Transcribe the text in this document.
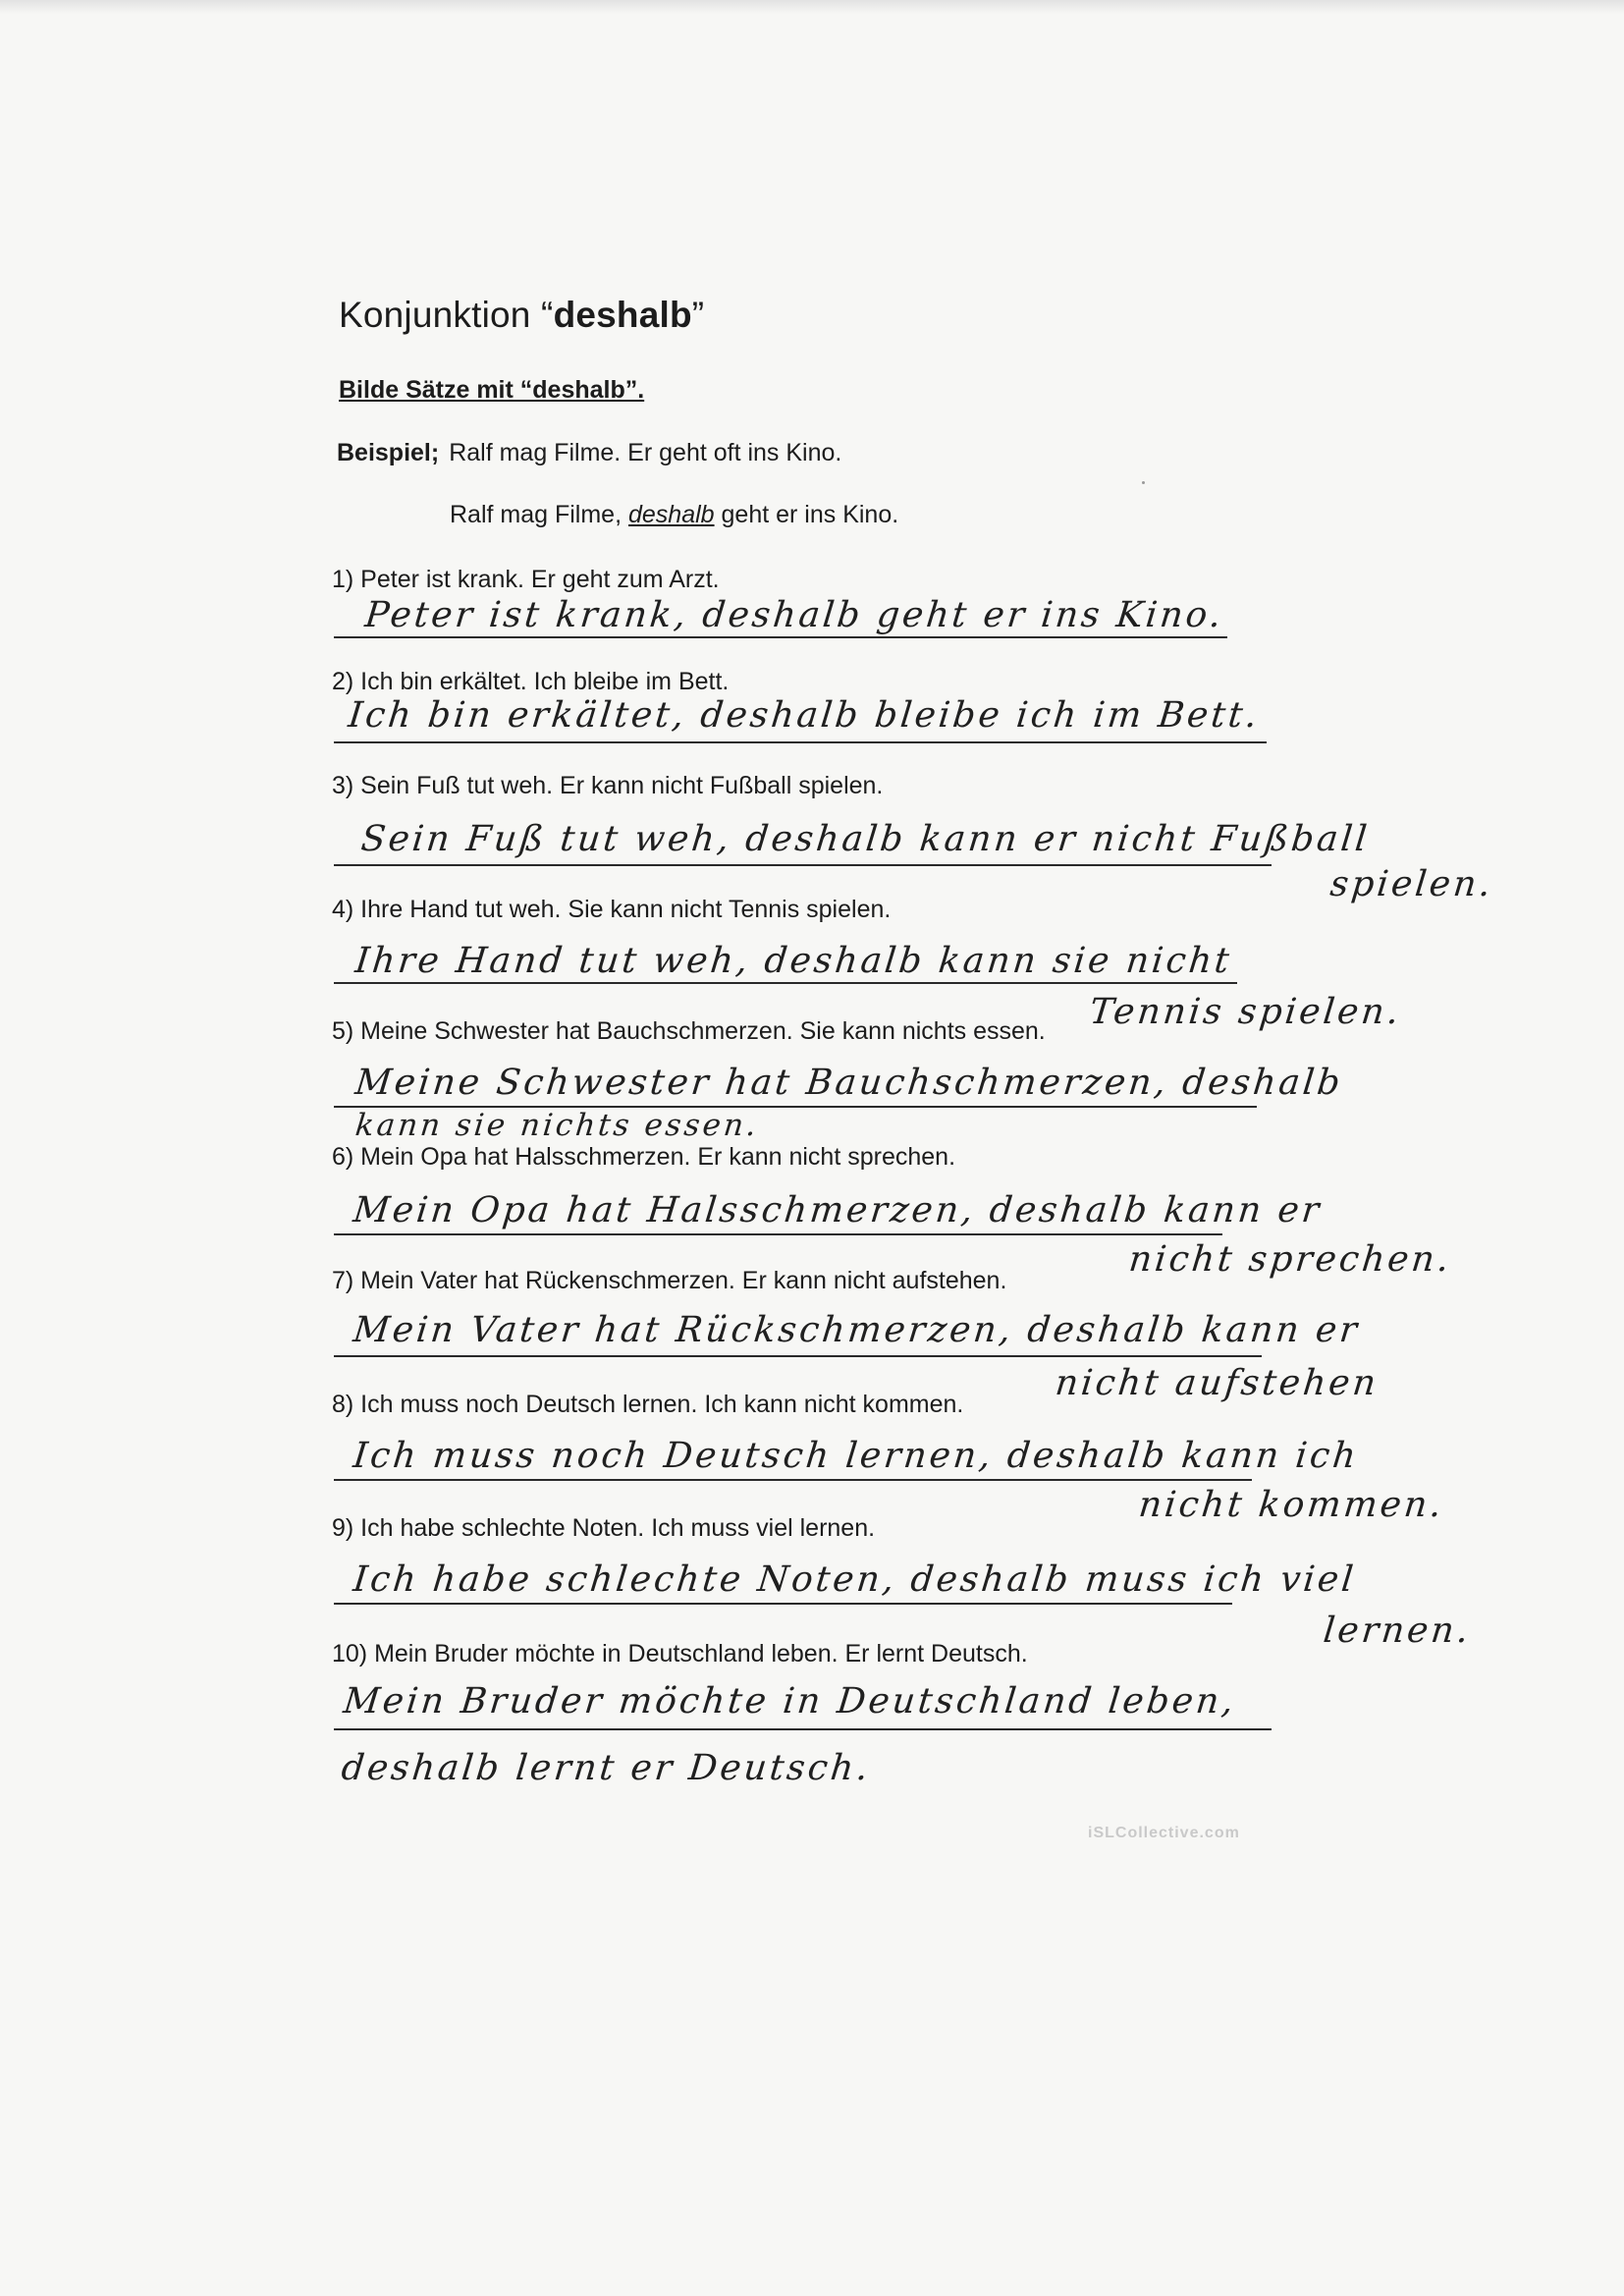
Konjunktion “deshalb”
Bilde Sätze mit “deshalb”.
Beispiel; Ralf mag Filme. Er geht oft ins Kino.
Ralf mag Filme, deshalb geht er ins Kino.
1) Peter ist krank. Er geht zum Arzt.
Peter ist krank, deshalb geht er ins Kino.
2) Ich bin erkältet. Ich bleibe im Bett.
Ich bin erkältet, deshalb bleibe ich im Bett.
3) Sein Fuß tut weh. Er kann nicht Fußball spielen.
Sein Fuß tut weh, deshalb kann er nicht Fußball
spielen.
4) Ihre Hand tut weh. Sie kann nicht Tennis spielen.
Ihre Hand tut weh, deshalb kann sie nicht
Tennis spielen.
5) Meine Schwester hat Bauchschmerzen. Sie kann nichts essen.
Meine Schwester hat Bauchschmerzen, deshalb
kann sie nichts essen.
6) Mein Opa hat Halsschmerzen. Er kann nicht sprechen.
Mein Opa hat Halsschmerzen, deshalb kann er
nicht sprechen.
7) Mein Vater hat Rückenschmerzen. Er kann nicht aufstehen.
Mein Vater hat Rückschmerzen, deshalb kann er
nicht aufstehen
8) Ich muss noch Deutsch lernen. Ich kann nicht kommen.
Ich muss noch Deutsch lernen, deshalb kann ich
nicht kommen.
9) Ich habe schlechte Noten. Ich muss viel lernen.
Ich habe schlechte Noten, deshalb muss ich viel
lernen.
10) Mein Bruder möchte in Deutschland leben. Er lernt Deutsch.
Mein Bruder möchte in Deutschland leben,
deshalb lernt er Deutsch.
iSLCollective.com
